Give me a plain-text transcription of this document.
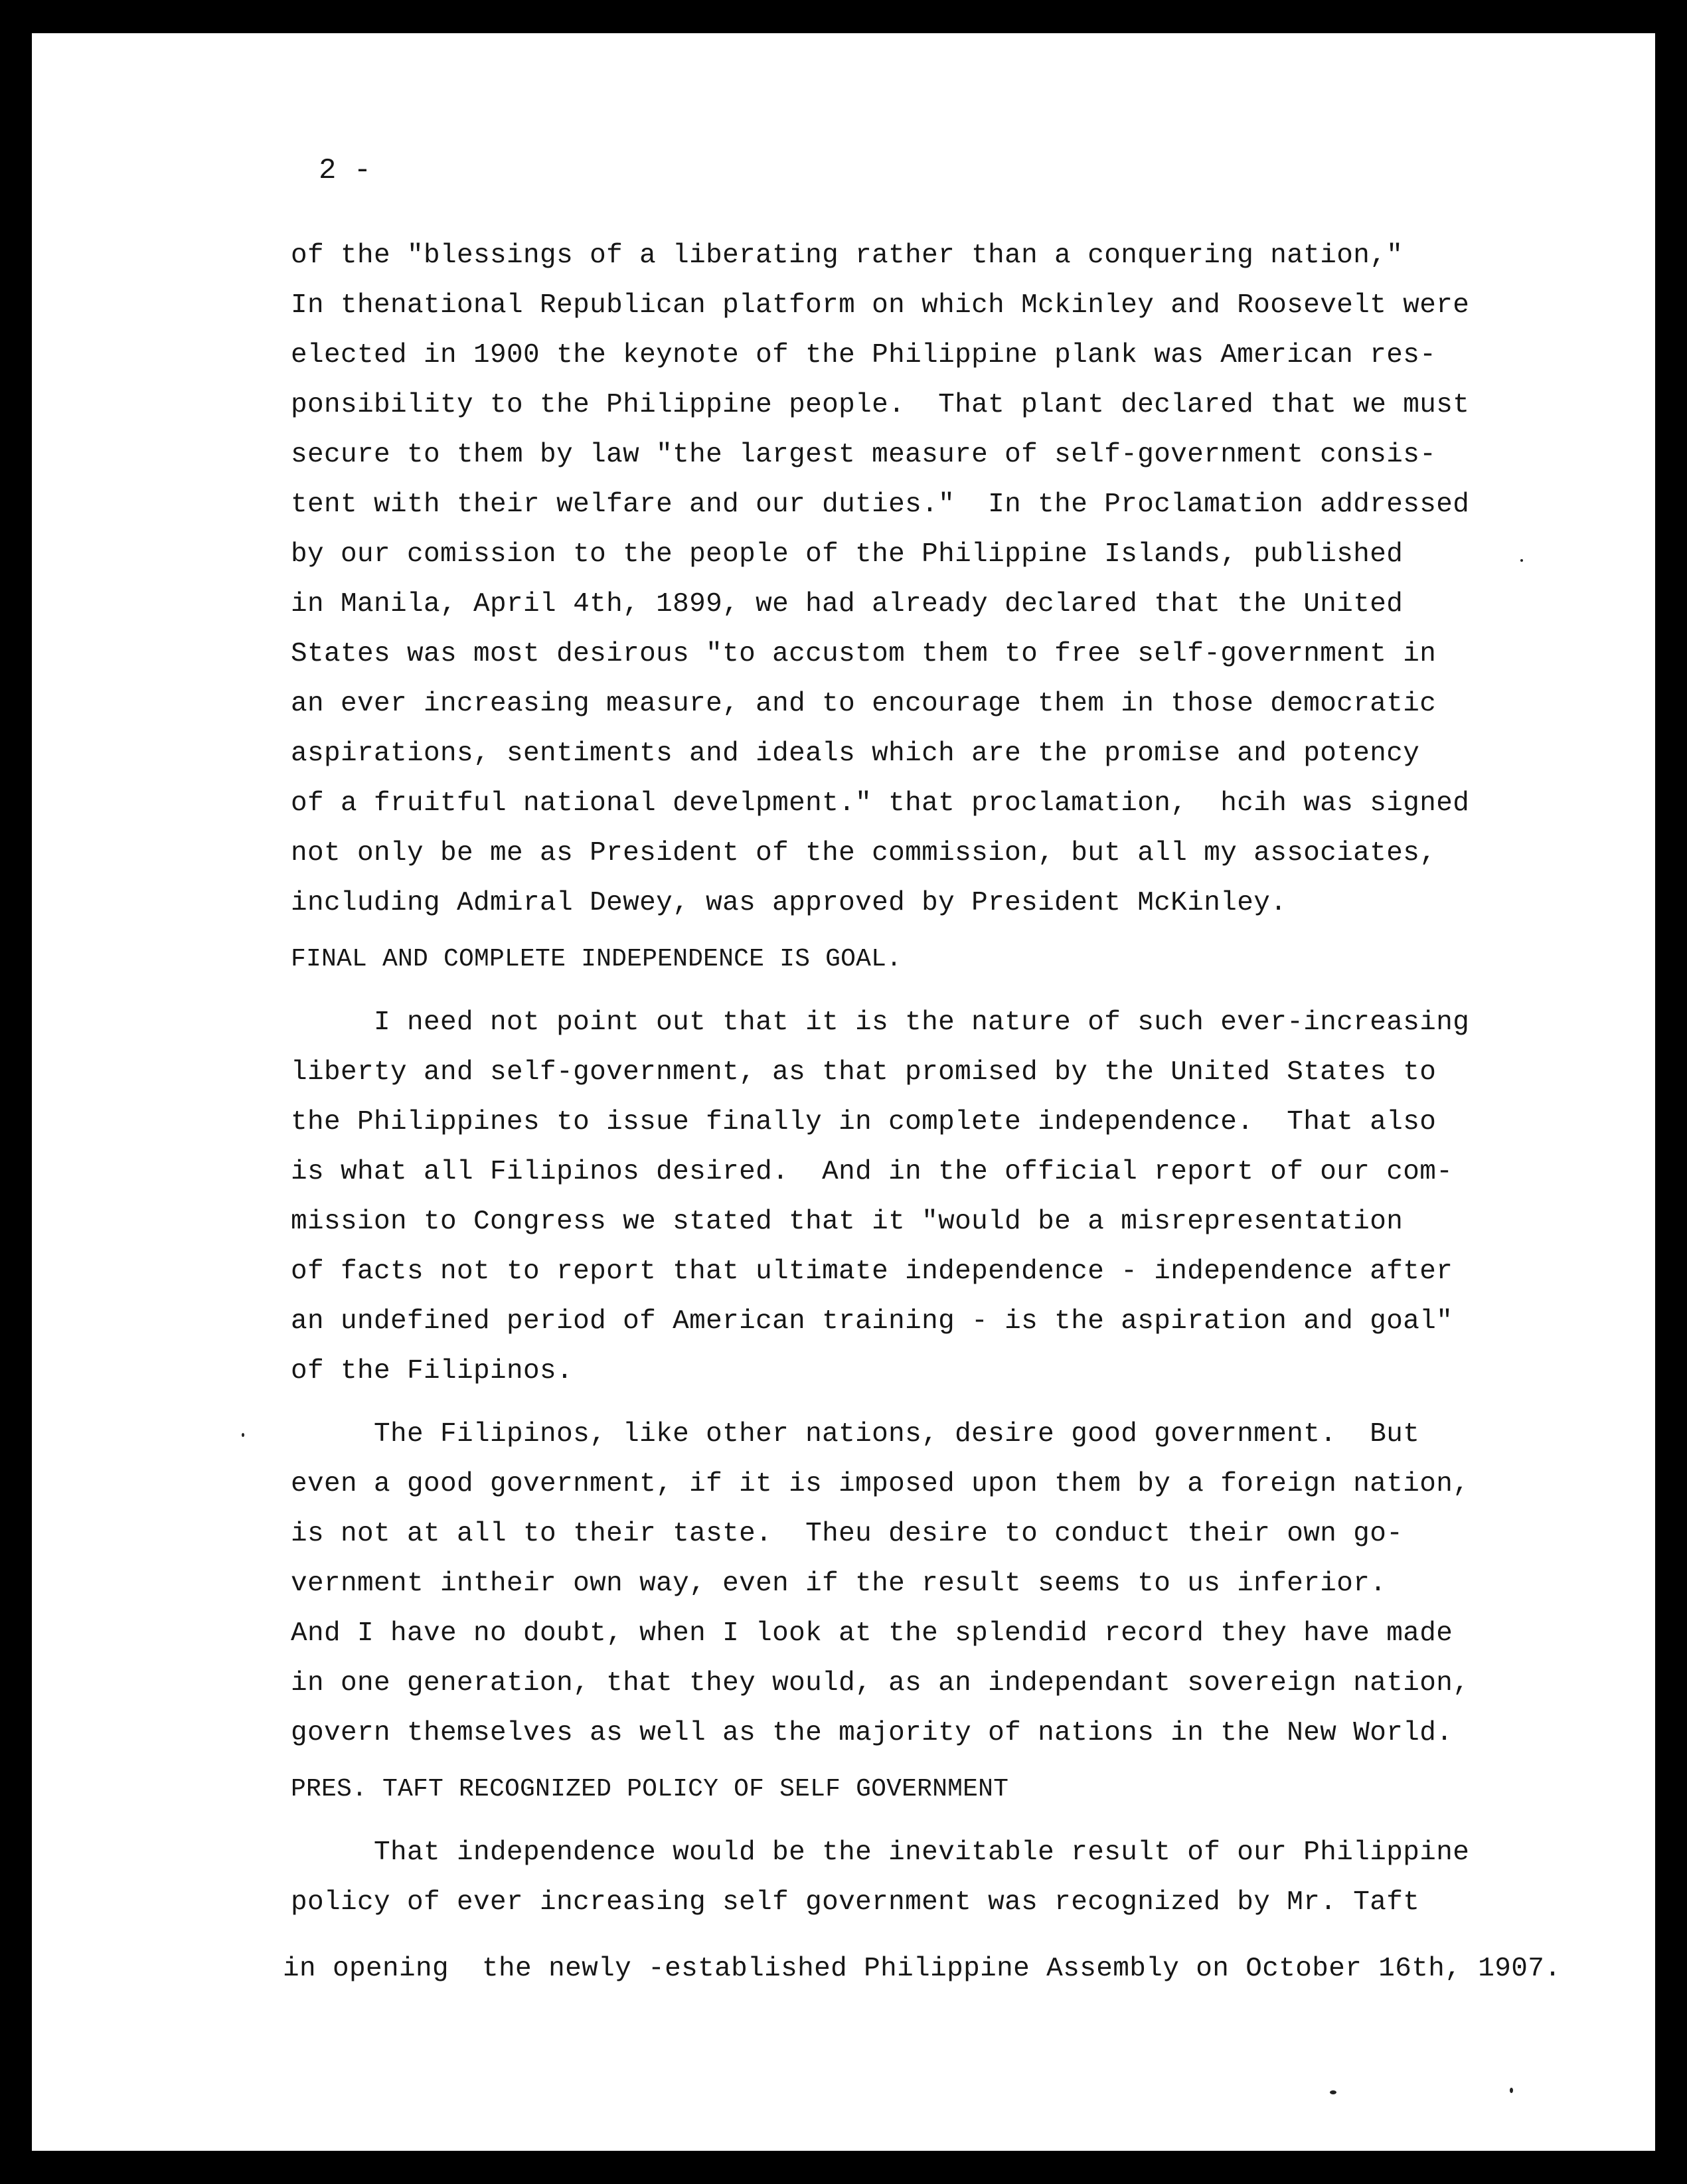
2 -
of the "blessings of a liberating rather than a conquering nation,"
In thenational Republican platform on which Mckinley and Roosevelt were
elected in 1900 the keynote of the Philippine plank was American res-
ponsibility to the Philippine people.  That plant declared that we must
secure to them by law "the largest measure of self-government consis-
tent with their welfare and our duties."  In the Proclamation addressed
by our comission to the people of the Philippine Islands, published
in Manila, April 4th, 1899, we had already declared that the United
States was most desirous "to accustom them to free self-government in
an ever increasing measure, and to encourage them in those democratic
aspirations, sentiments and ideals which are the promise and potency
of a fruitful national develpment." that proclamation,  hcih was signed
not only be me as President of the commission, but all my associates,
including Admiral Dewey, was approved by President McKinley.
FINAL AND COMPLETE INDEPENDENCE IS GOAL.
I need not point out that it is the nature of such ever-increasing
liberty and self-government, as that promised by the United States to
the Philippines to issue finally in complete independence.  That also
is what all Filipinos desired.  And in the official report of our com-
mission to Congress we stated that it "would be a misrepresentation
of facts not to report that ultimate independence - independence after
an undefined period of American training - is the aspiration and goal"
of the Filipinos.
The Filipinos, like other nations, desire good government.  But
even a good government, if it is imposed upon them by a foreign nation,
is not at all to their taste.  Theu desire to conduct their own go-
vernment intheir own way, even if the result seems to us inferior.
And I have no doubt, when I look at the splendid record they have made
in one generation, that they would, as an independant sovereign nation,
govern themselves as well as the majority of nations in the New World.
PRES. TAFT RECOGNIZED POLICY OF SELF GOVERNMENT
That independence would be the inevitable result of our Philippine
policy of ever increasing self government was recognized by Mr. Taft
in opening  the newly -established Philippine Assembly on October 16th, 1907.
